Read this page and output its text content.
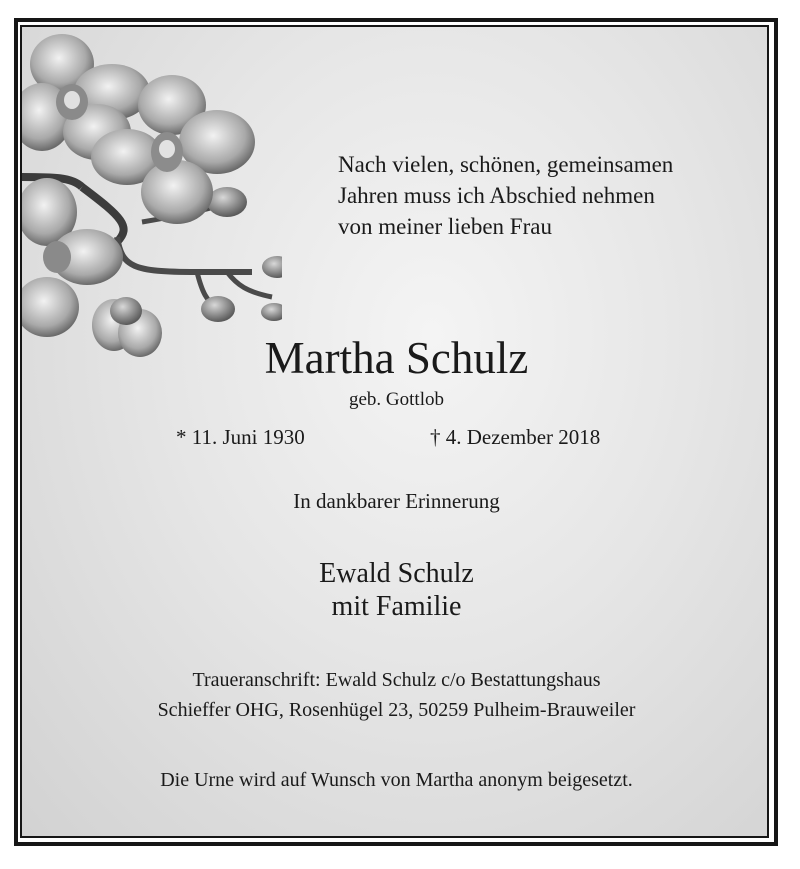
Nach vielen, schönen, gemeinsamen
Jahren muss ich Abschied nehmen
von meiner lieben Frau
Martha Schulz
geb. Gottlob
* 11. Juni 1930	† 4. Dezember 2018
In dankbarer Erinnerung
Ewald Schulz
mit Familie
Traueranschrift: Ewald Schulz c/o Bestattungshaus
Schieffer OHG, Rosenhügel 23, 50259 Pulheim-Brauweiler
Die Urne wird auf Wunsch von Martha anonym beigesetzt.
